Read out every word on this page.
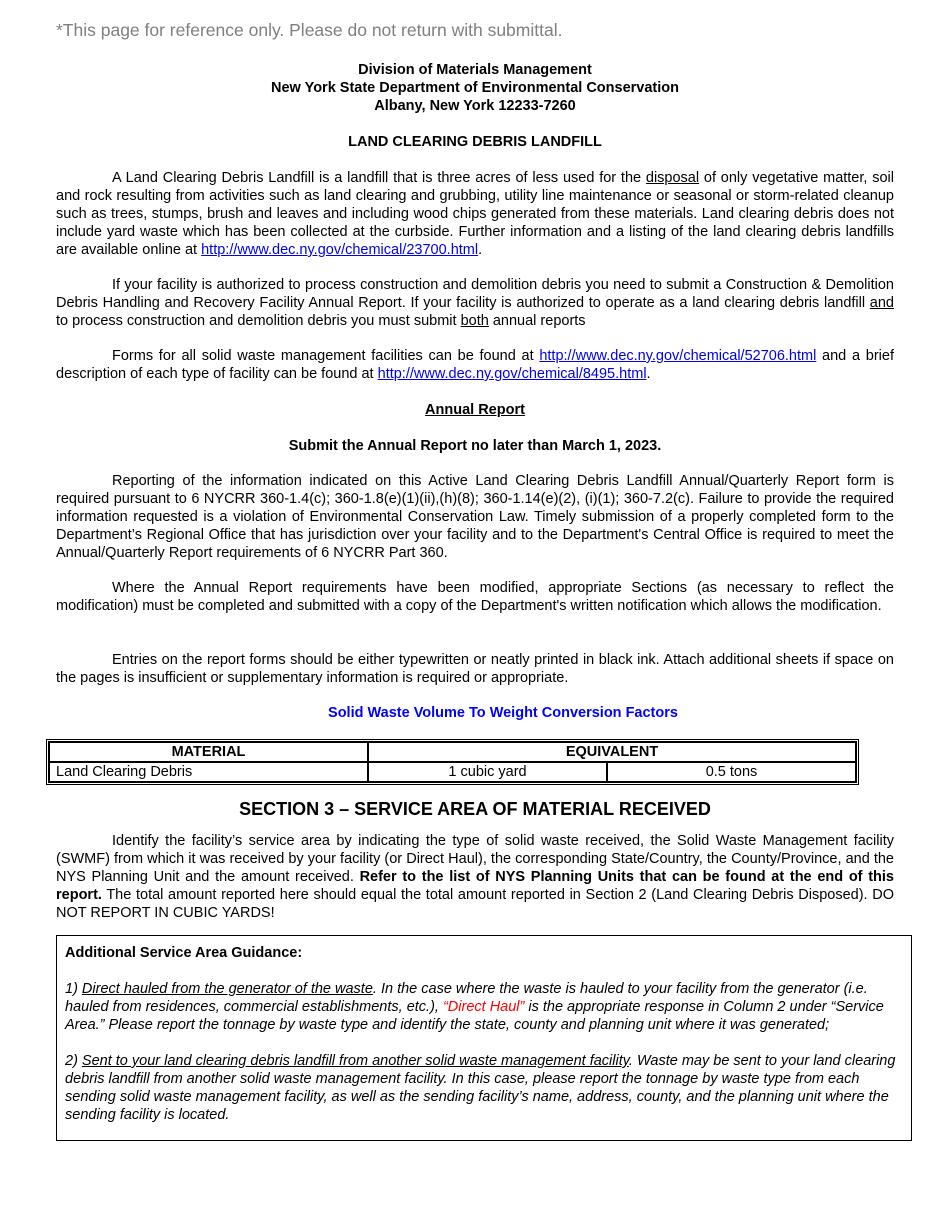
*This page for reference only. Please do not return with submittal.
Division of Materials Management
New York State Department of Environmental Conservation
Albany, New York 12233-7260
LAND CLEARING DEBRIS LANDFILL
A Land Clearing Debris Landfill is a landfill that is three acres of less used for the disposal of only vegetative matter, soil and rock resulting from activities such as land clearing and grubbing, utility line maintenance or seasonal or storm-related cleanup such as trees, stumps, brush and leaves and including wood chips generated from these materials. Land clearing debris does not include yard waste which has been collected at the curbside. Further information and a listing of the land clearing debris landfills are available online at http://www.dec.ny.gov/chemical/23700.html.
If your facility is authorized to process construction and demolition debris you need to submit a Construction & Demolition Debris Handling and Recovery Facility Annual Report. If your facility is authorized to operate as a land clearing debris landfill and to process construction and demolition debris you must submit both annual reports
Forms for all solid waste management facilities can be found at http://www.dec.ny.gov/chemical/52706.html and a brief description of each type of facility can be found at http://www.dec.ny.gov/chemical/8495.html.
Annual Report
Submit the Annual Report no later than March 1, 2023.
Reporting of the information indicated on this Active Land Clearing Debris Landfill Annual/Quarterly Report form is required pursuant to 6 NYCRR 360-1.4(c); 360-1.8(e)(1)(ii),(h)(8); 360-1.14(e)(2), (i)(1); 360-7.2(c). Failure to provide the required information requested is a violation of Environmental Conservation Law. Timely submission of a properly completed form to the Department’s Regional Office that has jurisdiction over your facility and to the Department's Central Office is required to meet the Annual/Quarterly Report requirements of 6 NYCRR Part 360.
Where the Annual Report requirements have been modified, appropriate Sections (as necessary to reflect the modification) must be completed and submitted with a copy of the Department's written notification which allows the modification.
Entries on the report forms should be either typewritten or neatly printed in black ink. Attach additional sheets if space on the pages is insufficient or supplementary information is required or appropriate.
Solid Waste Volume To Weight Conversion Factors
MATERIAL	EQUIVALENT	
Land Clearing Debris	1 cubic yard	0.5 tons
SECTION 3 – SERVICE AREA OF MATERIAL RECEIVED
Identify the facility’s service area by indicating the type of solid waste received, the Solid Waste Management facility (SWMF) from which it was received by your facility (or Direct Haul), the corresponding State/Country, the County/Province, and the NYS Planning Unit and the amount received. Refer to the list of NYS Planning Units that can be found at the end of this report. The total amount reported here should equal the total amount reported in Section 2 (Land Clearing Debris Disposed). DO NOT REPORT IN CUBIC YARDS!

Additional Service Area Guidance:

1) Direct hauled from the generator of the waste. In the case where the waste is hauled to your facility from the generator (i.e. hauled from residences, commercial establishments, etc.), “Direct Haul” is the appropriate response in Column 2 under “Service Area.” Please report the tonnage by waste type and identify the state, county and planning unit where it was generated;

2) Sent to your land clearing debris landfill from another solid waste management facility. Waste may be sent to your land clearing debris landfill from another solid waste management facility. In this case, please report the tonnage by waste type from each sending solid waste management facility, as well as the sending facility’s name, address, county, and the planning unit where the sending facility is located.
